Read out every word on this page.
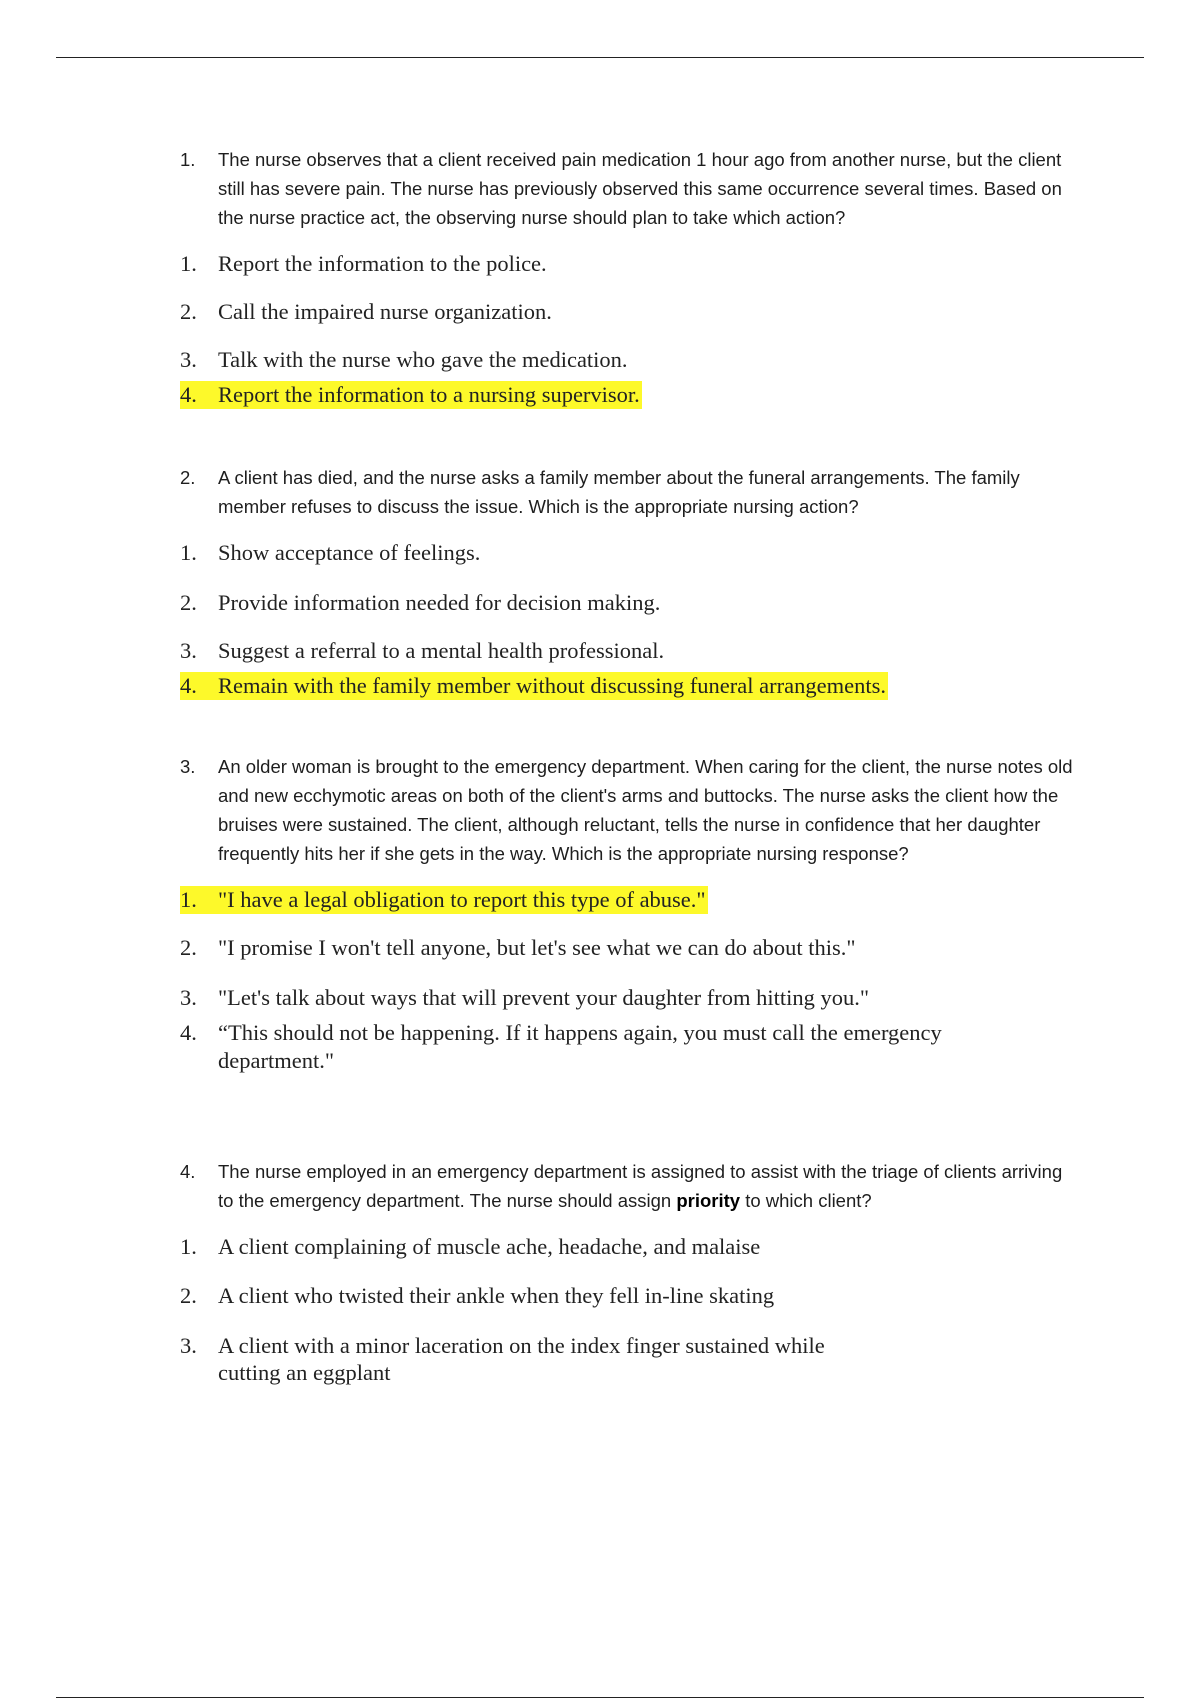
1.	The nurse observes that a client received pain medication 1 hour ago from another nurse, but the client still has severe pain. The nurse has previously observed this same occurrence several times. Based on the nurse practice act, the observing nurse should plan to take which action?
1. Report the information to the police.
2. Call the impaired nurse organization.
3. Talk with the nurse who gave the medication.
4. Report the information to a nursing supervisor.
2.	A client has died, and the nurse asks a family member about the funeral arrangements. The family member refuses to discuss the issue. Which is the appropriate nursing action?
1. Show acceptance of feelings.
2. Provide information needed for decision making.
3. Suggest a referral to a mental health professional.
4. Remain with the family member without discussing funeral arrangements.
3.	An older woman is brought to the emergency department. When caring for the client, the nurse notes old and new ecchymotic areas on both of the client's arms and buttocks. The nurse asks the client how the bruises were sustained. The client, although reluctant, tells the nurse in confidence that her daughter frequently hits her if she gets in the way. Which is the appropriate nursing response?
1. "I have a legal obligation to report this type of abuse."
2. "I promise I won't tell anyone, but let's see what we can do about this."
3. "Let's talk about ways that will prevent your daughter from hitting you."
4. “This should not be happening. If it happens again, you must call the emergency department."
4.	The nurse employed in an emergency department is assigned to assist with the triage of clients arriving to the emergency department. The nurse should assign priority to which client?
1. A client complaining of muscle ache, headache, and malaise
2. A client who twisted their ankle when they fell in-line skating
3. A client with a minor laceration on the index finger sustained while cutting an eggplant
